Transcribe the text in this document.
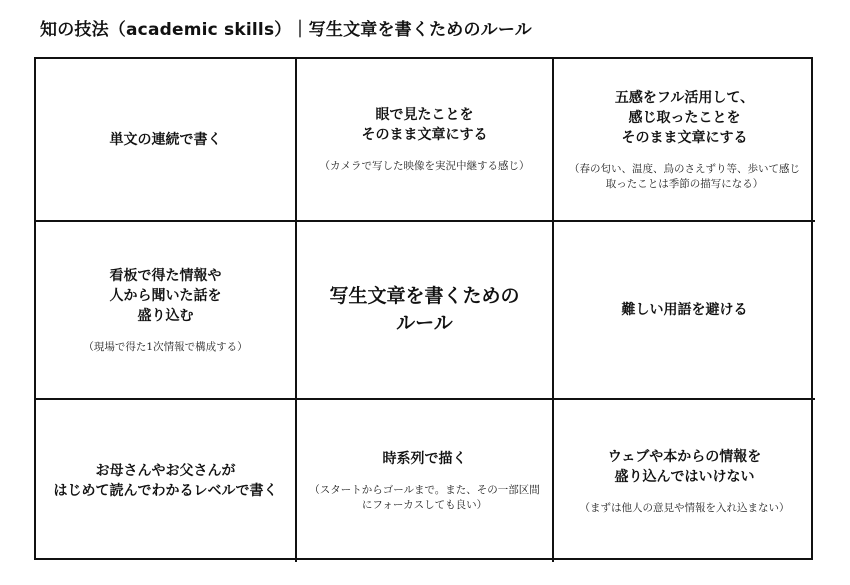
知の技法（academic skills）｜写生文章を書くためのルール
単文の連続で書く
眼で見たことを
そのまま文章にする
（カメラで写した映像を実況中継する感じ）
五感をフル活用して、
感じ取ったことを
そのまま文章にする
（春の匂い、温度、鳥のさえずり等、歩いて感じ
取ったことは季節の描写になる）
看板で得た情報や
人から聞いた話を
盛り込む
（現場で得た1次情報で構成する）
写生文章を書くための
ルール
難しい用語を避ける
お母さんやお父さんが
はじめて読んでわかるレベルで書く
時系列で描く
（スタートからゴールまで。また、その一部区間
にフォーカスしても良い）
ウェブや本からの情報を
盛り込んではいけない
（まずは他人の意見や情報を入れ込まない）
